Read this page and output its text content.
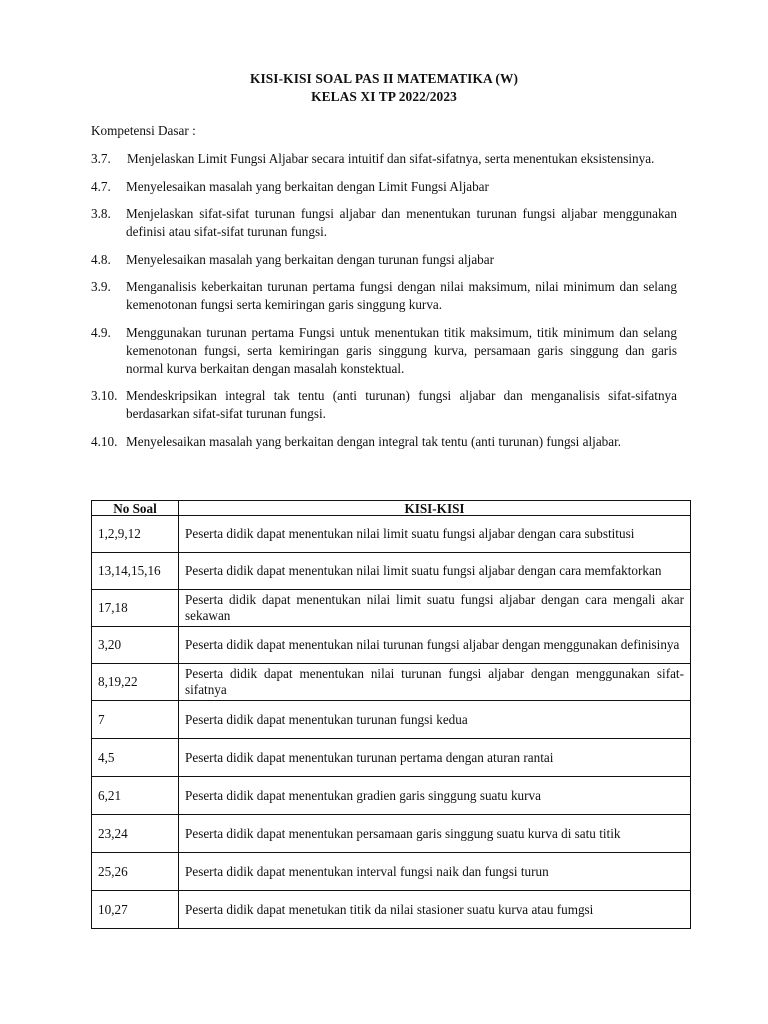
KISI-KISI SOAL PAS II MATEMATIKA (W)
KELAS XI TP 2022/2023
Kompetensi Dasar :
3.7.	Menjelaskan Limit Fungsi Aljabar secara intuitif dan sifat-sifatnya, serta menentukan eksistensinya.
4.7.	Menyelesaikan masalah yang berkaitan dengan Limit Fungsi Aljabar
3.8.	Menjelaskan sifat-sifat turunan fungsi aljabar dan menentukan turunan fungsi aljabar menggunakan definisi atau sifat-sifat turunan fungsi.
4.8.	Menyelesaikan masalah yang berkaitan dengan turunan fungsi aljabar
3.9.	Menganalisis keberkaitan turunan pertama fungsi dengan nilai maksimum, nilai minimum dan selang kemenotonan fungsi serta kemiringan garis singgung kurva.
4.9.	Menggunakan turunan pertama Fungsi untuk menentukan titik maksimum, titik minimum dan selang kemenotonan fungsi, serta kemiringan garis singgung kurva, persamaan garis singgung dan garis normal kurva berkaitan dengan masalah konstektual.
3.10. Mendeskripsikan integral tak tentu (anti turunan) fungsi aljabar dan menganalisis sifat-sifatnya berdasarkan sifat-sifat turunan fungsi.
4.10. Menyelesaikan masalah yang berkaitan dengan integral tak tentu (anti turunan) fungsi aljabar.
No Soal	KISI-KISI
1,2,9,12	Peserta didik dapat menentukan nilai limit suatu fungsi aljabar dengan cara substitusi
13,14,15,16	Peserta didik dapat menentukan nilai limit suatu fungsi aljabar dengan cara memfaktorkan
17,18	Peserta didik dapat menentukan nilai limit suatu fungsi aljabar dengan cara mengali akar sekawan
3,20	Peserta didik dapat menentukan nilai turunan fungsi aljabar dengan menggunakan definisinya
8,19,22	Peserta didik dapat menentukan nilai turunan fungsi aljabar dengan menggunakan sifat-sifatnya
7	Peserta didik dapat menentukan turunan fungsi kedua
4,5	Peserta didik dapat menentukan turunan pertama dengan aturan rantai
6,21	Peserta didik dapat menentukan gradien garis singgung suatu kurva
23,24	Peserta didik dapat menentukan persamaan garis singgung suatu kurva di satu titik
25,26	Peserta didik dapat menentukan interval fungsi naik dan fungsi turun
10,27	Peserta didik dapat menetukan titik da nilai stasioner suatu kurva atau fumgsi
